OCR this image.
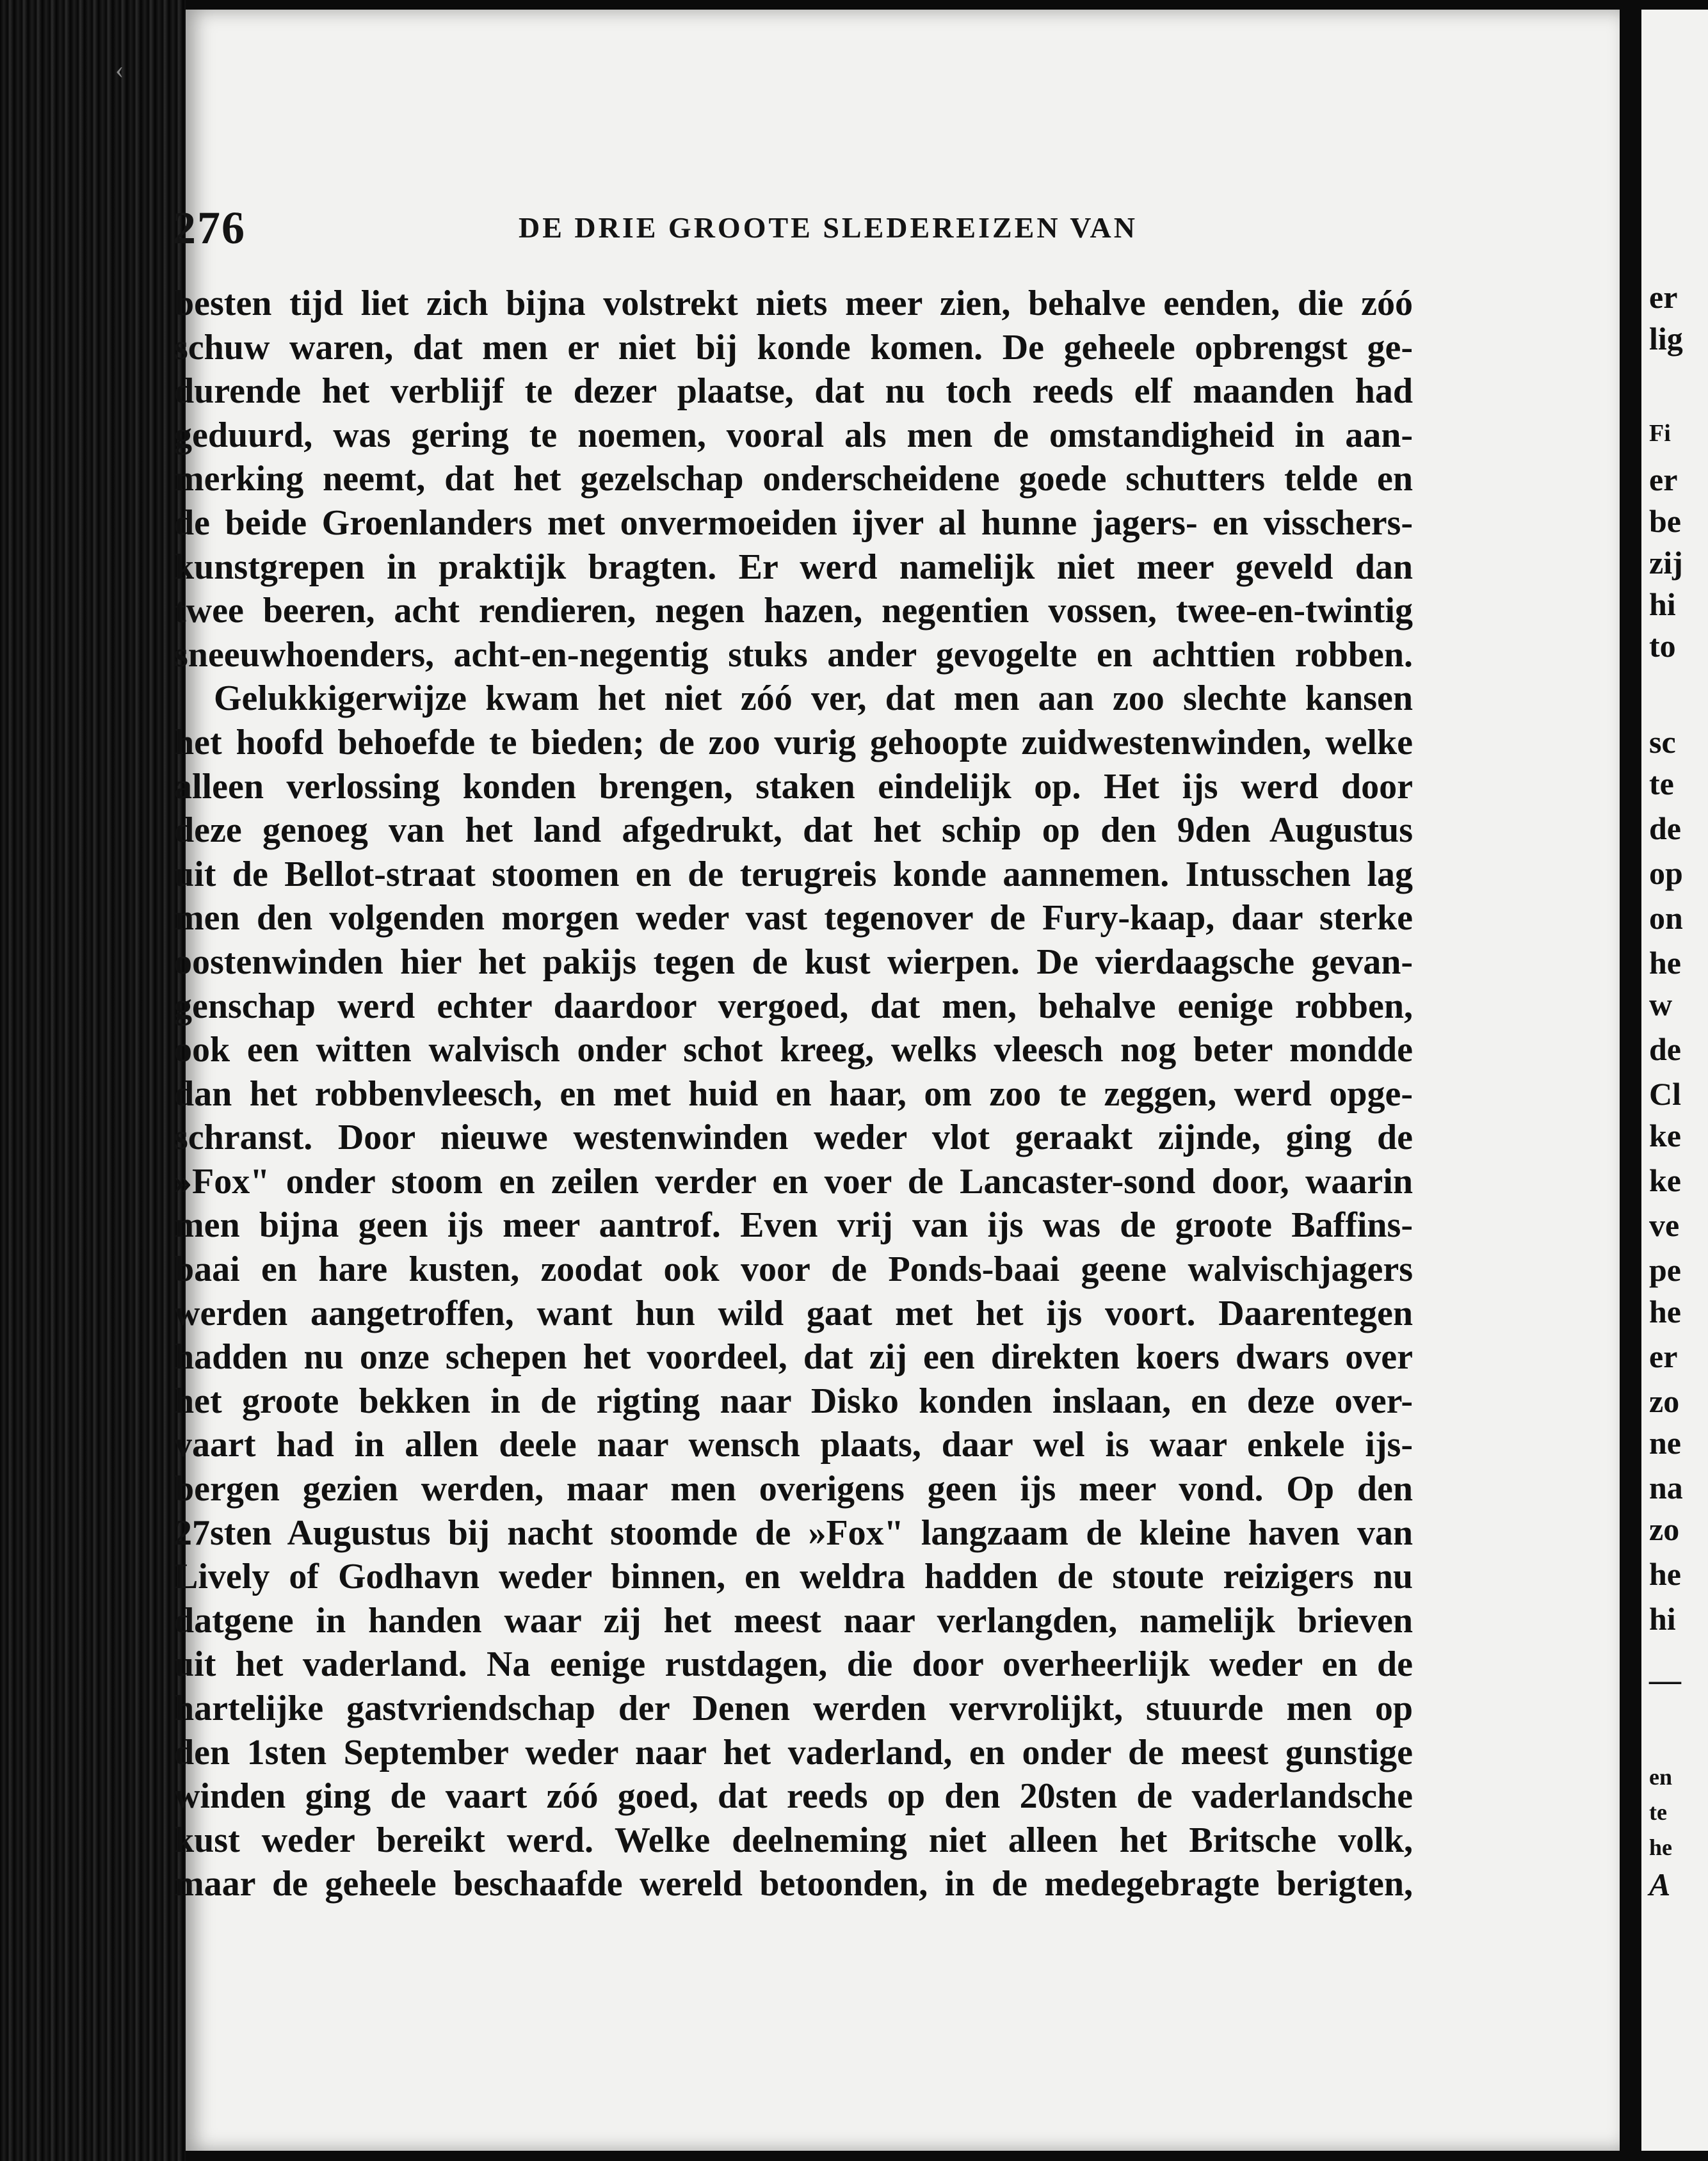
‹
276	DE DRIE GROOTE SLEDEREIZEN VAN
besten tijd liet zich bijna volstrekt niets meer zien, behalve eenden, die zóó
schuw waren, dat men er niet bij konde komen. De geheele opbrengst ge-
durende het verblijf te dezer plaatse, dat nu toch reeds elf maanden had
geduurd, was gering te noemen, vooral als men de omstandigheid in aan-
merking neemt, dat het gezelschap onderscheidene goede schutters telde en
de beide Groenlanders met onvermoeiden ijver al hunne jagers- en visschers-
kunstgrepen in praktijk bragten. Er werd namelijk niet meer geveld dan
twee beeren, acht rendieren, negen hazen, negentien vossen, twee-en-twintig
sneeuwhoenders, acht-en-negentig stuks ander gevogelte en achttien robben.
Gelukkigerwijze kwam het niet zóó ver, dat men aan zoo slechte kansen
het hoofd behoefde te bieden; de zoo vurig gehoopte zuidwestenwinden, welke
alleen verlossing konden brengen, staken eindelijk op. Het ijs werd door
deze genoeg van het land afgedrukt, dat het schip op den 9den Augustus
uit de Bellot-straat stoomen en de terugreis konde aannemen. Intusschen lag
men den volgenden morgen weder vast tegenover de Fury-kaap, daar sterke
oostenwinden hier het pakijs tegen de kust wierpen. De vierdaagsche gevan-
genschap werd echter daardoor vergoed, dat men, behalve eenige robben,
ook een witten walvisch onder schot kreeg, welks vleesch nog beter mondde
dan het robbenvleesch, en met huid en haar, om zoo te zeggen, werd opge-
schranst. Door nieuwe westenwinden weder vlot geraakt zijnde, ging de
»Fox" onder stoom en zeilen verder en voer de Lancaster-sond door, waarin
men bijna geen ijs meer aantrof. Even vrij van ijs was de groote Baffins-
baai en hare kusten, zoodat ook voor de Ponds-baai geene walvischjagers
werden aangetroffen, want hun wild gaat met het ijs voort. Daarentegen
hadden nu onze schepen het voordeel, dat zij een direkten koers dwars over
het groote bekken in de rigting naar Disko konden inslaan, en deze over-
vaart had in allen deele naar wensch plaats, daar wel is waar enkele ijs-
bergen gezien werden, maar men overigens geen ijs meer vond. Op den
27sten Augustus bij nacht stoomde de »Fox" langzaam de kleine haven van
Lively of Godhavn weder binnen, en weldra hadden de stoute reizigers nu
datgene in handen waar zij het meest naar verlangden, namelijk brieven
uit het vaderland. Na eenige rustdagen, die door overheerlijk weder en de
hartelijke gastvriendschap der Denen werden vervrolijkt, stuurde men op
den 1sten September weder naar het vaderland, en onder de meest gunstige
winden ging de vaart zóó goed, dat reeds op den 20sten de vaderlandsche
kust weder bereikt werd. Welke deelneming niet alleen het Britsche volk,
maar de geheele beschaafde wereld betoonden, in de medegebragte berigten,
er
lig
Fi
er
be
zij
hi
to
sc
te
de
op
on
he
w
de
Cl
ke
ke
ve
pe
he
er
zo
ne
na
zo
he
hi
—
en
te
he
A
